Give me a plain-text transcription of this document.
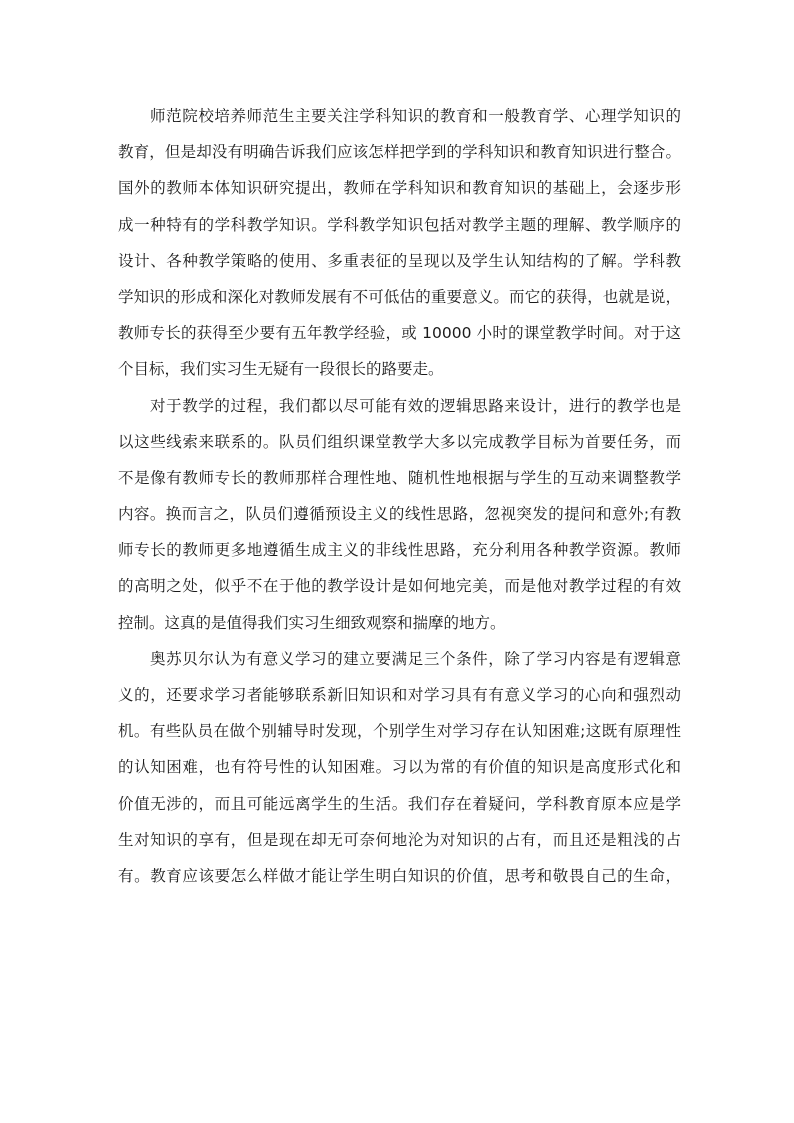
师范院校培养师范生主要关注学科知识的教育和一般教育学、心理学知识的
教育，但是却没有明确告诉我们应该怎样把学到的学科知识和教育知识进行整合。
国外的教师本体知识研究提出，教师在学科知识和教育知识的基础上，会逐步形
成一种特有的学科教学知识。学科教学知识包括对教学主题的理解、教学顺序的
设计、各种教学策略的使用、多重表征的呈现以及学生认知结构的了解。学科教
学知识的形成和深化对教师发展有不可低估的重要意义。而它的获得，也就是说，
教师专长的获得至少要有五年教学经验，或 10000 小时的课堂教学时间。对于这
个目标，我们实习生无疑有一段很长的路要走。

对于教学的过程，我们都以尽可能有效的逻辑思路来设计，进行的教学也是
以这些线索来联系的。队员们组织课堂教学大多以完成教学目标为首要任务，而
不是像有教师专长的教师那样合理性地、随机性地根据与学生的互动来调整教学
内容。换而言之，队员们遵循预设主义的线性思路，忽视突发的提问和意外;有教
师专长的教师更多地遵循生成主义的非线性思路，充分利用各种教学资源。教师
的高明之处，似乎不在于他的教学设计是如何地完美，而是他对教学过程的有效
控制。这真的是值得我们实习生细致观察和揣摩的地方。

奥苏贝尔认为有意义学习的建立要满足三个条件，除了学习内容是有逻辑意
义的，还要求学习者能够联系新旧知识和对学习具有有意义学习的心向和强烈动
机。有些队员在做个别辅导时发现，个别学生对学习存在认知困难;这既有原理性
的认知困难，也有符号性的认知困难。习以为常的有价值的知识是高度形式化和
价值无涉的，而且可能远离学生的生活。我们存在着疑问，学科教育原本应是学
生对知识的享有，但是现在却无可奈何地沦为对知识的占有，而且还是粗浅的占
有。教育应该要怎么样做才能让学生明白知识的价值，思考和敬畏自己的生命，
